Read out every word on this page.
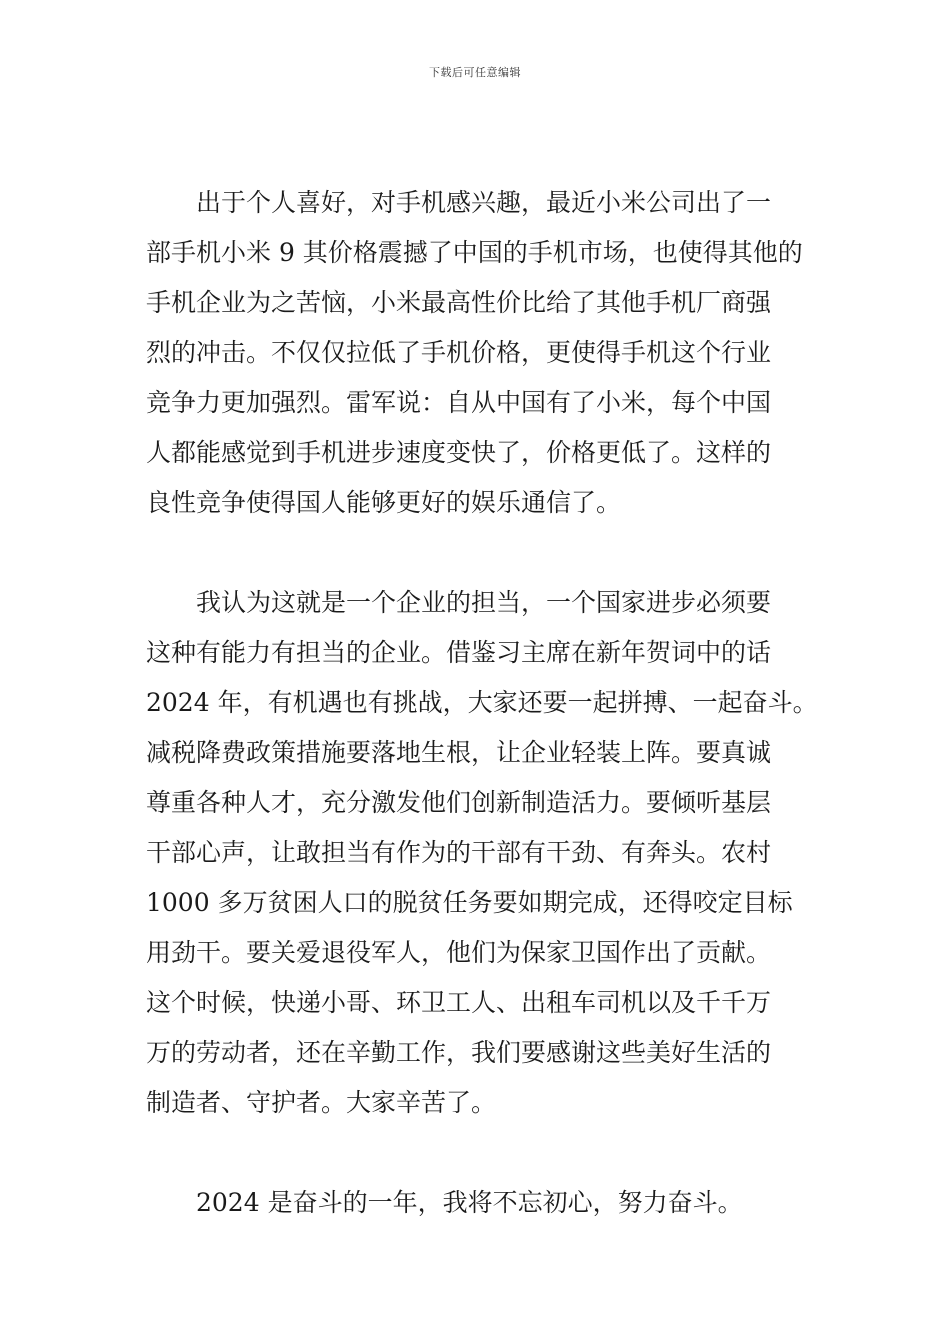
下载后可任意编辑
出于个人喜好，对手机感兴趣，最近小米公司出了一
部手机小米 9 其价格震撼了中国的手机市场，也使得其他的
手机企业为之苦恼，小米最高性价比给了其他手机厂商强
烈的冲击。不仅仅拉低了手机价格，更使得手机这个行业
竞争力更加强烈。雷军说：自从中国有了小米，每个中国
人都能感觉到手机进步速度变快了，价格更低了。这样的
良性竞争使得国人能够更好的娱乐通信了。
我认为这就是一个企业的担当，一个国家进步必须要
这种有能力有担当的企业。借鉴习主席在新年贺词中的话
2024 年，有机遇也有挑战，大家还要一起拼搏、一起奋斗。
减税降费政策措施要落地生根，让企业轻装上阵。要真诚
尊重各种人才，充分激发他们创新制造活力。要倾听基层
干部心声，让敢担当有作为的干部有干劲、有奔头。农村
1000 多万贫困人口的脱贫任务要如期完成，还得咬定目标
用劲干。要关爱退役军人，他们为保家卫国作出了贡献。
这个时候，快递小哥、环卫工人、出租车司机以及千千万
万的劳动者，还在辛勤工作，我们要感谢这些美好生活的
制造者、守护者。大家辛苦了。
2024 是奋斗的一年，我将不忘初心，努力奋斗。
